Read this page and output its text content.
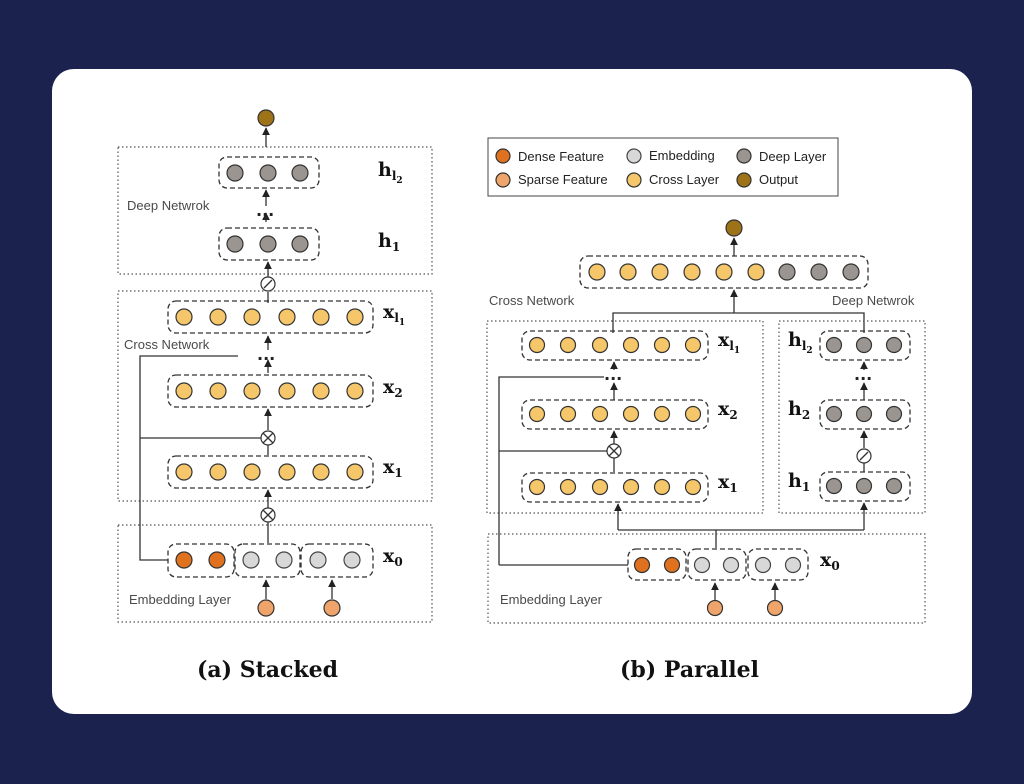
Deep Netwrok
$h_l2$
...
$h_1$
Cross Network
$x_l1$
...
$x_2$
$x_1$
Embedding Layer
$x_0$
(a) Stacked
Dense Feature
Sparse Feature
Embedding
Cross Layer
Deep Layer
Output
Cross Network	Deep Netwrok
$x_l1$
...
$x_2$
$x_1$
$h_l2$
...
$h_2$
$h_1$
Embedding Layer
$x_0$
(b) Parallel
